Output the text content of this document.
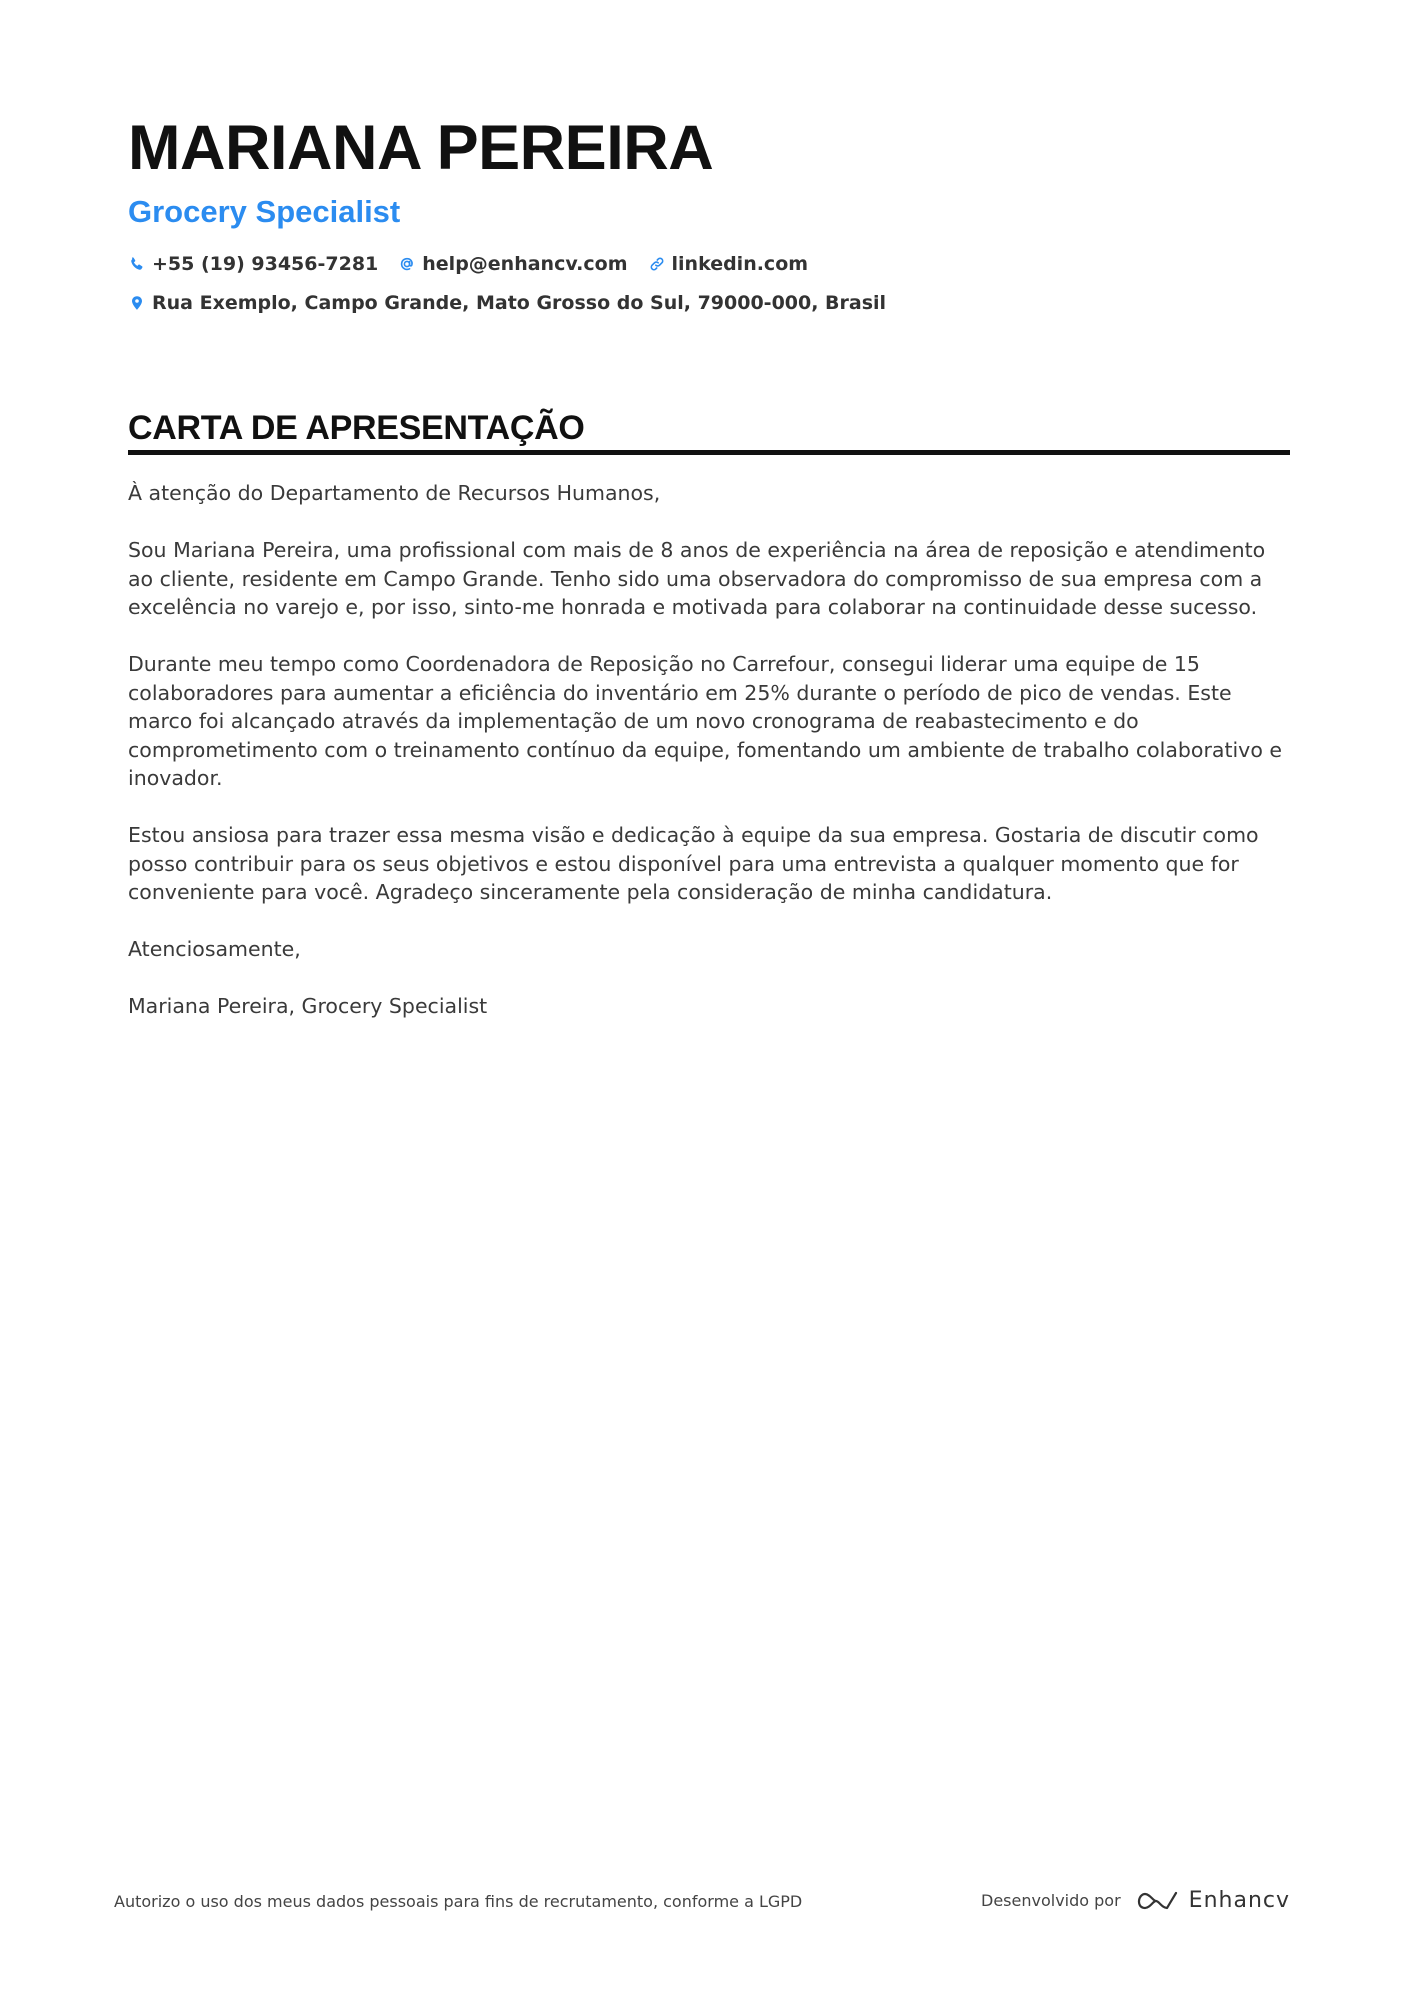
MARIANA PEREIRA
Grocery Specialist
+55 (19) 93456-7281 help@enhancv.com linkedin.com
Rua Exemplo, Campo Grande, Mato Grosso do Sul, 79000-000, Brasil
CARTA DE APRESENTAÇÃO

À atenção do Departamento de Recursos Humanos,

Sou Mariana Pereira, uma profissional com mais de 8 anos de experiência na área de reposição e atendimento ao cliente, residente em Campo Grande. Tenho sido uma observadora do compromisso de sua empresa com a excelência no varejo e, por isso, sinto-me honrada e motivada para colaborar na continuidade desse sucesso.

Durante meu tempo como Coordenadora de Reposição no Carrefour, consegui liderar uma equipe de 15 colaboradores para aumentar a eficiência do inventário em 25% durante o período de pico de vendas. Este marco foi alcançado através da implementação de um novo cronograma de reabastecimento e do comprometimento com o treinamento contínuo da equipe, fomentando um ambiente de trabalho colaborativo e inovador.

Estou ansiosa para trazer essa mesma visão e dedicação à equipe da sua empresa. Gostaria de discutir como posso contribuir para os seus objetivos e estou disponível para uma entrevista a qualquer momento que for conveniente para você. Agradeço sinceramente pela consideração de minha candidatura.

Atenciosamente,

Mariana Pereira, Grocery Specialist

Autorizo o uso dos meus dados pessoais para fins de recrutamento, conforme a LGPD	Desenvolvido por	Enhancv
